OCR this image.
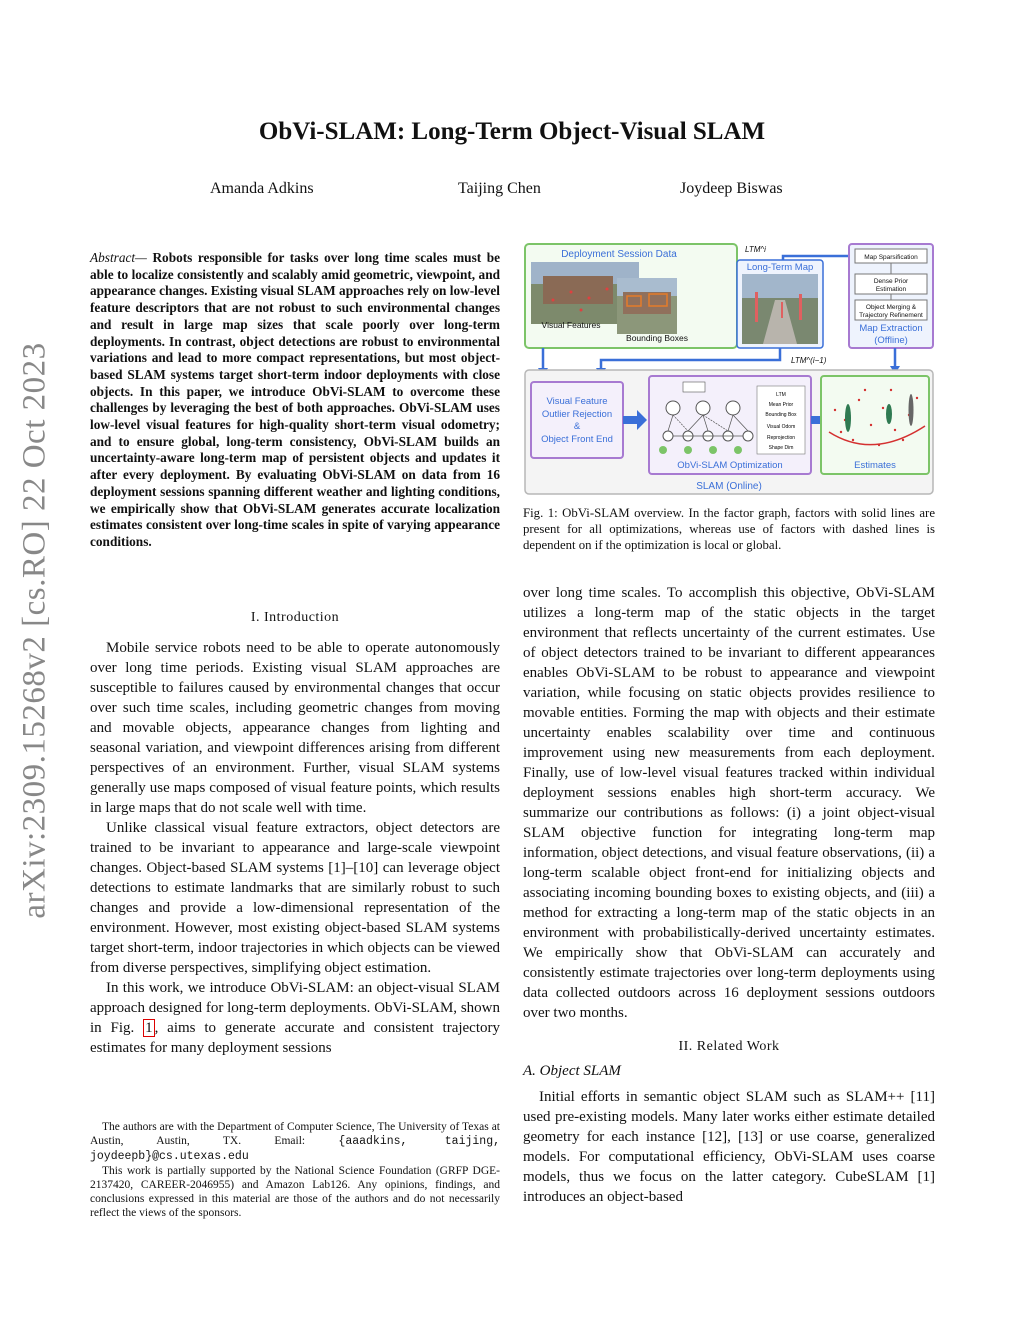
ObVi-SLAM: Long-Term Object-Visual SLAM
Amanda Adkins	Taijing Chen	Joydeep Biswas
arXiv:2309.15268v2 [cs.RO] 22 Oct 2023
Abstract— Robots responsible for tasks over long time scales must be able to localize consistently and scalably amid geometric, viewpoint, and appearance changes. Existing visual SLAM approaches rely on low-level feature descriptors that are not robust to such environmental changes and result in large map sizes that scale poorly over long-term deployments. In contrast, object detections are robust to environmental variations and lead to more compact representations, but most object-based SLAM systems target short-term indoor deployments with close objects. In this paper, we introduce ObVi-SLAM to overcome these challenges by leveraging the best of both approaches. ObVi-SLAM uses low-level visual features for high-quality short-term visual odometry; and to ensure global, long-term consistency, ObVi-SLAM builds an uncertainty-aware long-term map of persistent objects and updates it after every deployment. By evaluating ObVi-SLAM on data from 16 deployment sessions spanning different weather and lighting conditions, we empirically show that ObVi-SLAM generates accurate localization estimates consistent over long-time scales in spite of varying appearance conditions.
I. Introduction

Mobile service robots need to be able to operate autonomously over long time periods. Existing visual SLAM approaches are susceptible to failures caused by environmental changes that occur over such time scales, including geometric changes from moving and movable objects, appearance changes from lighting and seasonal variation, and viewpoint differences arising from different perspectives of an environment. Further, visual SLAM systems generally use maps composed of visual feature points, which results in large maps that do not scale well with time.

Unlike classical visual feature extractors, object detectors are trained to be invariant to appearance and large-scale viewpoint changes. Object-based SLAM systems [1]–[10] can leverage object detections to estimate landmarks that are similarly robust to such changes and provide a low-dimensional representation of the environment. However, most existing object-based SLAM systems target short-term, indoor trajectories in which objects can be viewed from diverse perspectives, simplifying object estimation.

In this work, we introduce ObVi-SLAM: an object-visual SLAM approach designed for long-term deployments. ObVi-SLAM, shown in Fig. 1 , aims to generate accurate and consistent trajectory estimates for many deployment sessions

The authors are with the Department of Computer Science, The University of Texas at Austin, Austin, TX. Email: {aaadkins, taijing, joydeepb}@cs.utexas.edu

This work is partially supported by the National Science Foundation (GRFP DGE-2137420, CAREER-2046955) and Amazon Lab126. Any opinions, findings, and conclusions expressed in this material are those of the authors and do not necessarily reflect the views of the sponsors.

Deployment Session Data
Visual Features
Bounding Boxes
Long-Term Map
LTM^i
Map Sparsification
Dense Prior
Estimation
Object Merging &
Trajectory Refinement
Map Extraction
(Offline)
LTM^(i−1)
SLAM (Online)
Visual Feature
Outlier Rejection
&
Object Front End
LTM
Mean Prior
Bounding Box
Visual Odom
Reprojection
Shape Dim
ObVi-SLAM Optimization	Estimates
Fig. 1: ObVi-SLAM overview. In the factor graph, factors with solid lines are present for all optimizations, whereas use of factors with dashed lines is dependent on if the optimization is local or global.

over long time scales. To accomplish this objective, ObVi-SLAM utilizes a long-term map of the static objects in the target environment that reflects uncertainty of the current estimates. Use of object detectors trained to be invariant to different appearances enables ObVi-SLAM to be robust to appearance and viewpoint variation, while focusing on static objects provides resilience to movable entities. Forming the map with objects and their estimate uncertainty enables scalability over time and continuous improvement using new measurements from each deployment. Finally, use of low-level visual features tracked within individual deployment sessions enables high short-term accuracy. We summarize our contributions as follows: (i) a joint object-visual SLAM objective function for integrating long-term map information, object detections, and visual feature observations, (ii) a long-term scalable object front-end for initializing objects and associating incoming bounding boxes to existing objects, and (iii) a method for extracting a long-term map of the static objects in an environment with probabilistically-derived uncertainty estimates. We empirically show that ObVi-SLAM can accurately and consistently estimate trajectories over long-term deployments using data collected outdoors across 16 deployment sessions outdoors over two months.

II. Related Work
A. Object SLAM

Initial efforts in semantic object SLAM such as SLAM++ [11] used pre-existing models. Many later works either estimate detailed geometry for each instance [12], [13] or use coarse, generalized models. For computational efficiency, ObVi-SLAM uses coarse models, thus we focus on the latter category. CubeSLAM [1] introduces an object-based
